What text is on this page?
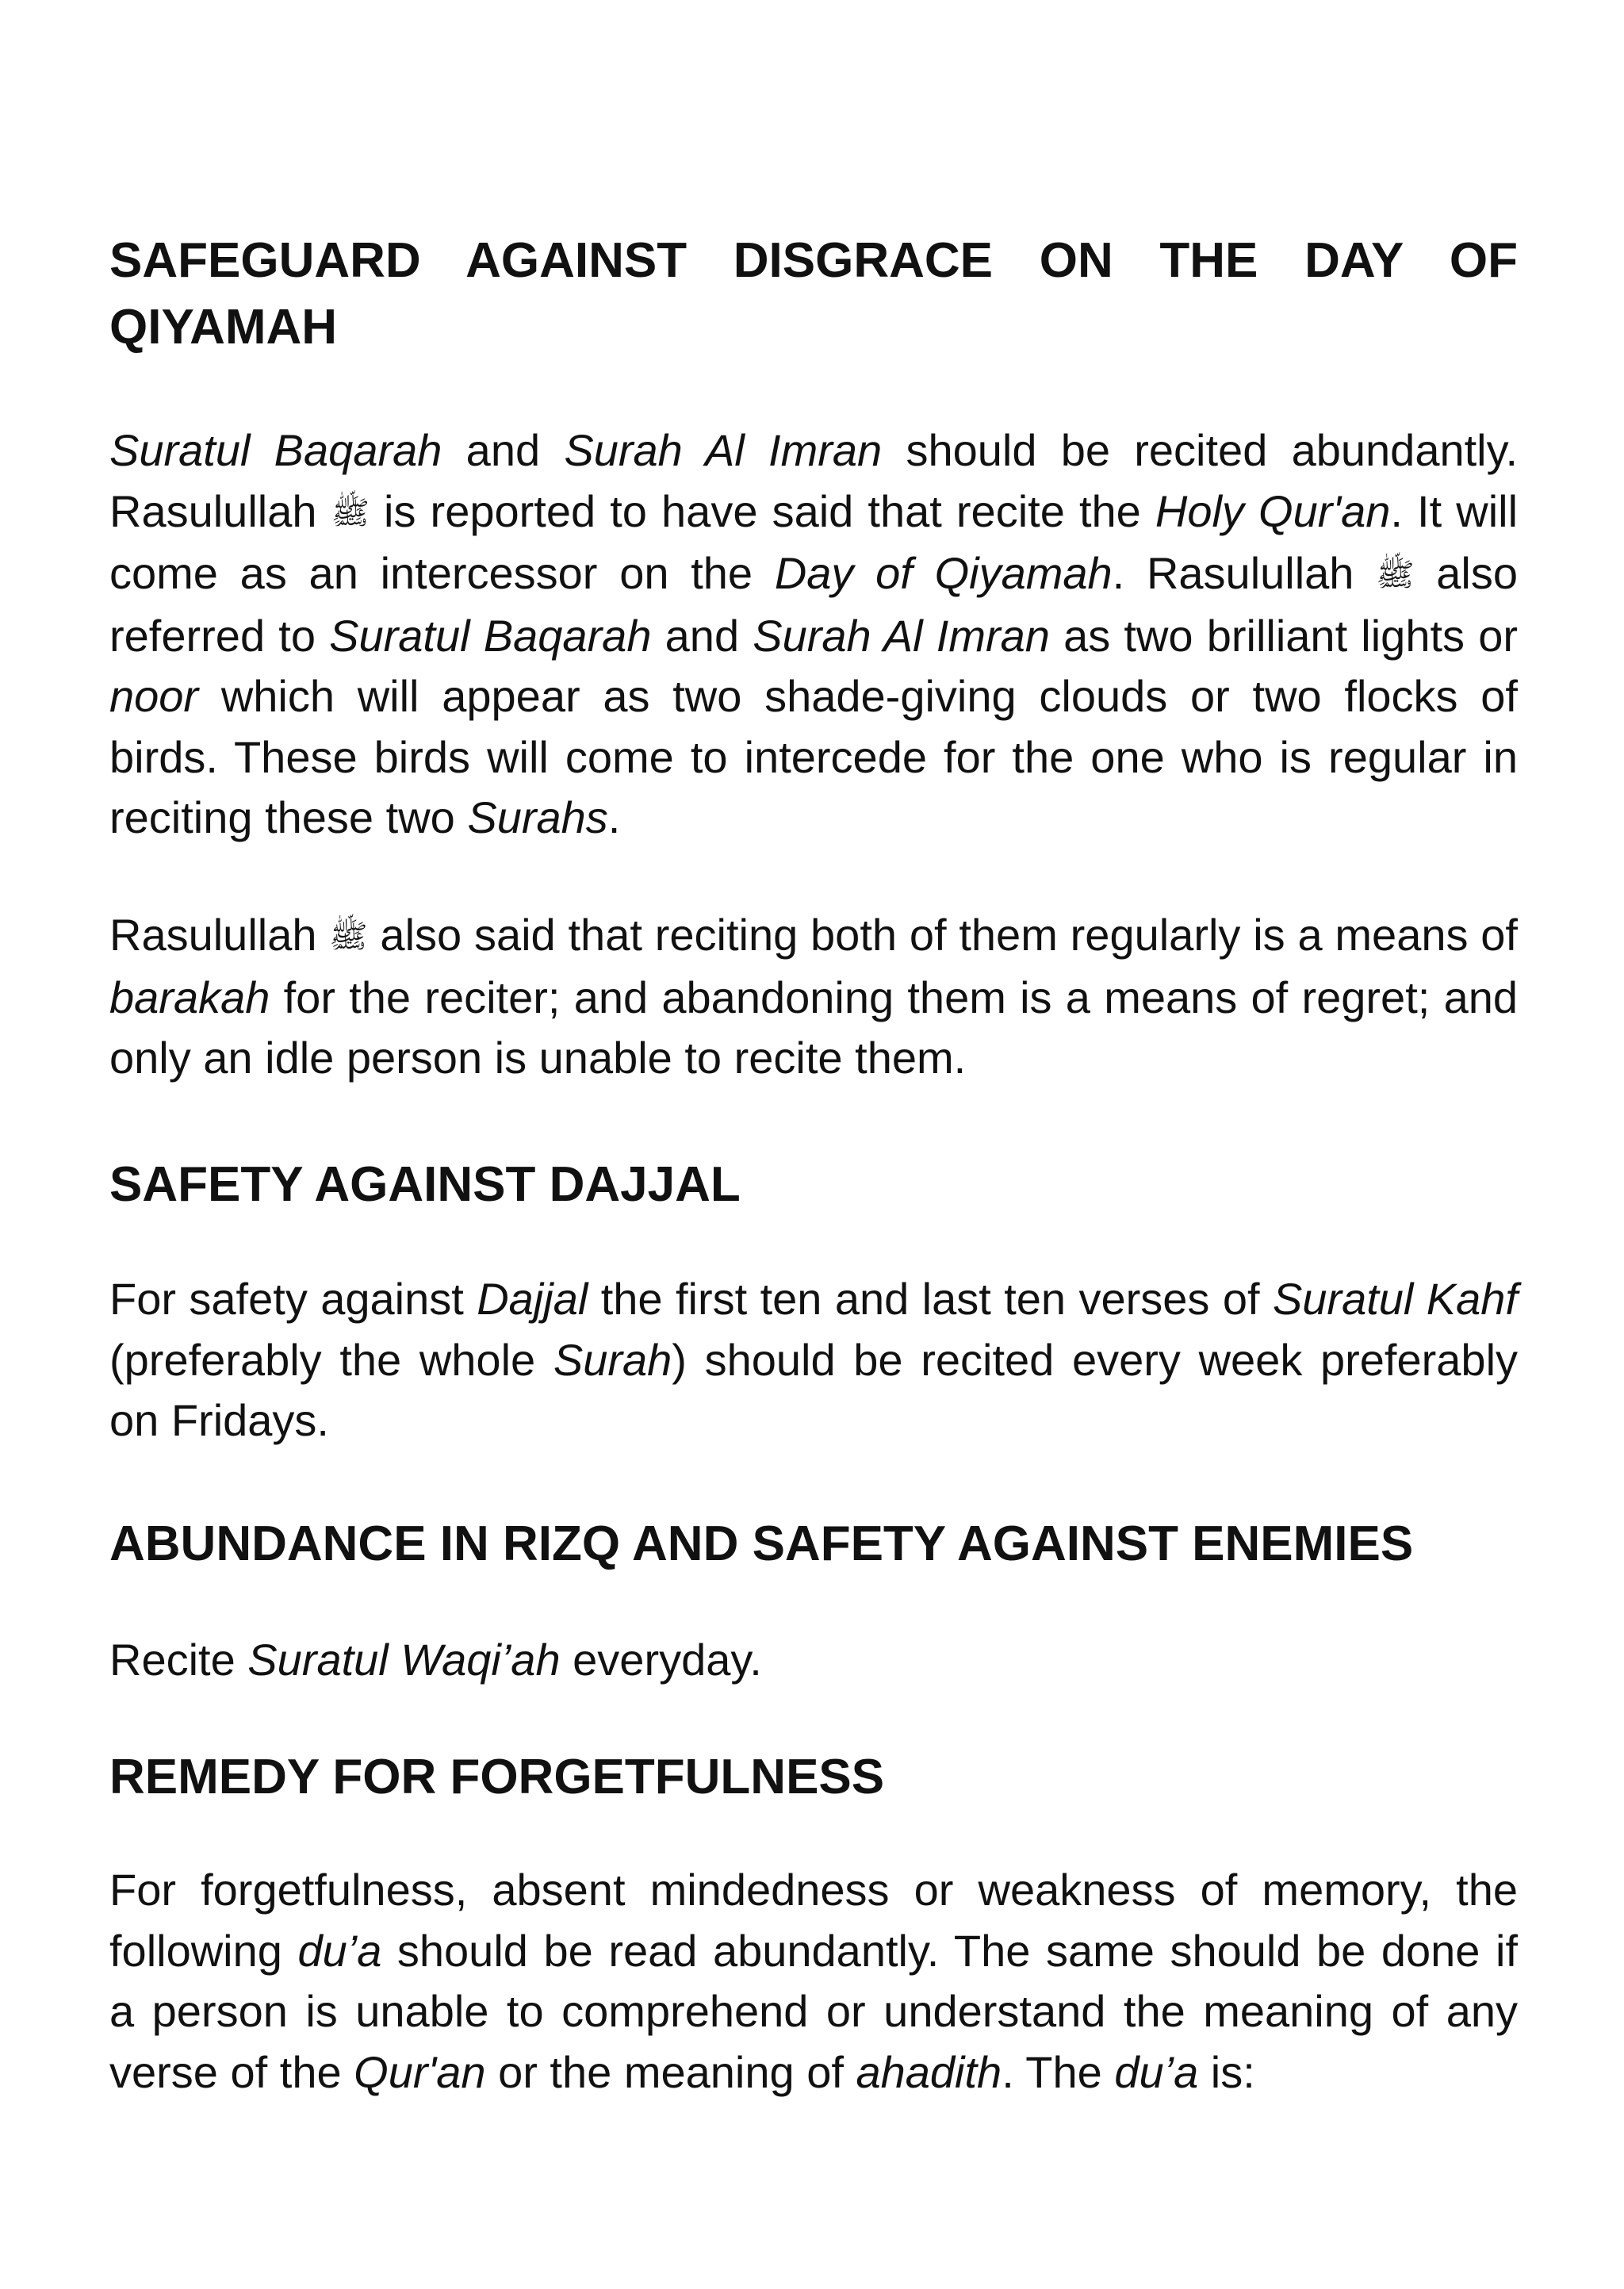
SAFEGUARD AGAINST DISGRACE ON THE DAY OF QIYAMAH

Suratul Baqarah and Surah Al Imran should be recited abundantly. Rasulullah ﷺ is reported to have said that recite the Holy Qur'an. It will come as an intercessor on the Day of Qiyamah. Rasulullah ﷺ also referred to Suratul Baqarah and Surah Al Imran as two brilliant lights or noor which will appear as two shade-giving clouds or two flocks of birds. These birds will come to intercede for the one who is regular in reciting these two Surahs.

Rasulullah ﷺ also said that reciting both of them regularly is a means of barakah for the reciter; and abandoning them is a means of regret; and only an idle person is unable to recite them.

SAFETY AGAINST DAJJAL

For safety against Dajjal the first ten and last ten verses of Suratul Kahf (preferably the whole Surah) should be recited every week preferably on Fridays.

ABUNDANCE IN RIZQ AND SAFETY AGAINST ENEMIES

Recite Suratul Waqi’ah everyday.

REMEDY FOR FORGETFULNESS

For forgetfulness, absent mindedness or weakness of memory, the following du’a should be read abundantly. The same should be done if a person is unable to comprehend or understand the meaning of any verse of the Qur'an or the meaning of ahadith. The du’a is:
